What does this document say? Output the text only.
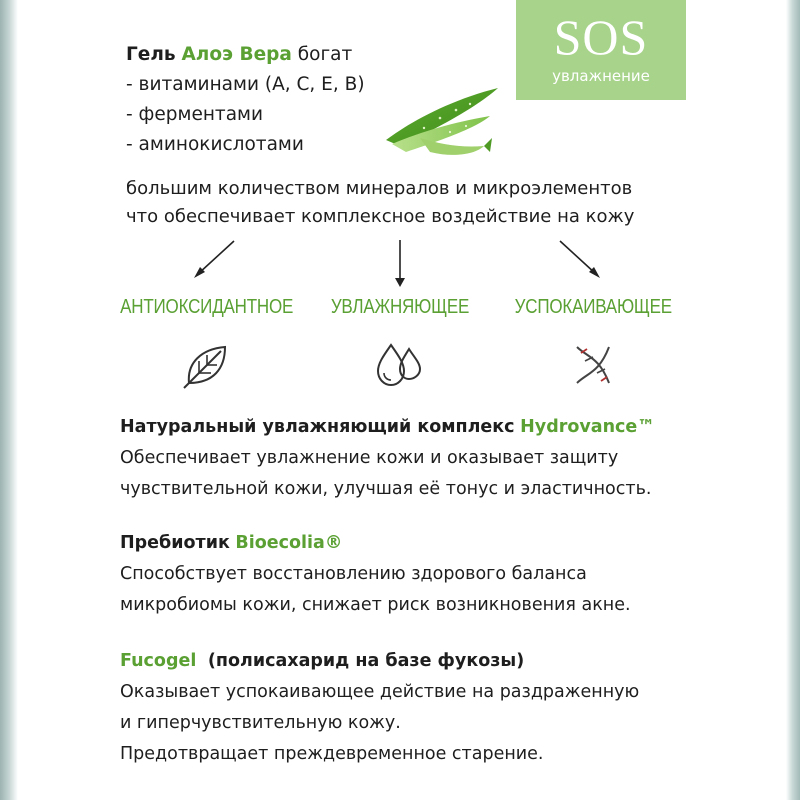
SOS
увлажнение
Гель Алоэ Вера богат
- витаминами (А, С, Е, В)
- ферментами
- аминокислотами
большим количеством минералов и микроэлементов
что обеспечивает комплексное воздействие на кожу
АНТИОКСИДАНТНОЕ	УВЛАЖНЯЮЩЕЕ	УСПОКАИВАЮЩЕЕ
Натуральный увлажняющий комплекс Hydrovance™
Обеспечивает увлажнение кожи и оказывает защиту
чувствительной кожи, улучшая её тонус и эластичность.
Пребиотик Bioecolia®
Способствует восстановлению здорового баланса
микробиомы кожи, снижает риск возникновения акне.
Fucogel (полисахарид на базе фукозы)
Оказывает успокаивающее действие на раздраженную
и гиперчувствительную кожу.
Предотвращает преждевременное старение.
